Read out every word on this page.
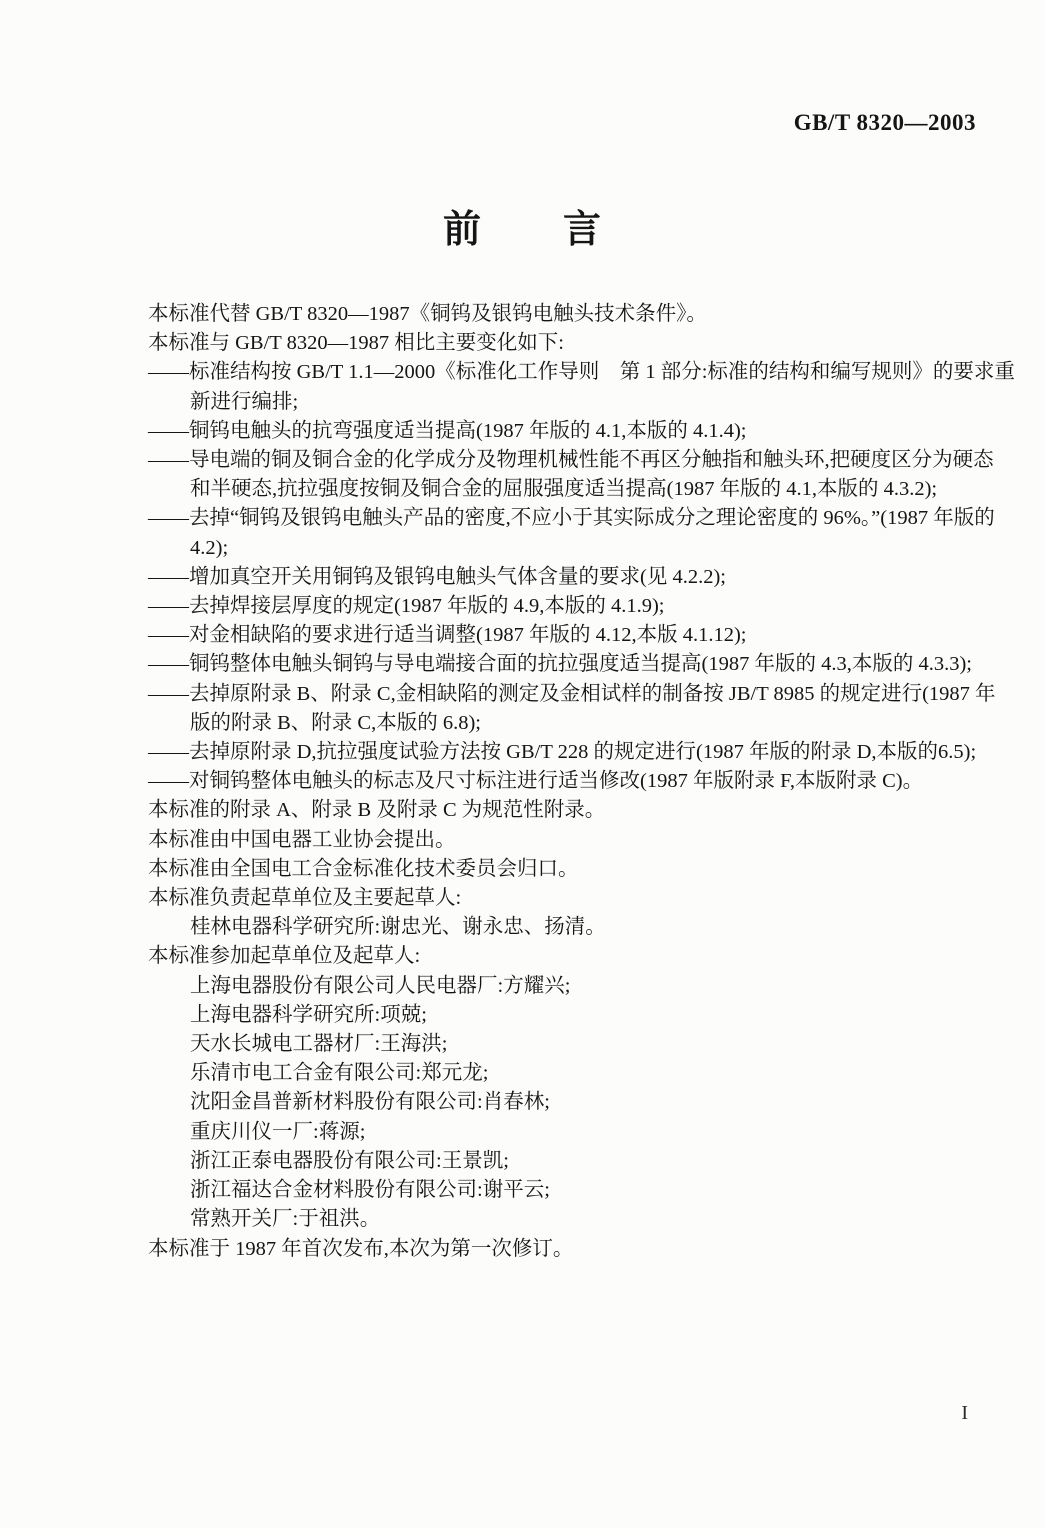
GB/T 8320—2003
前　　言
本标准代替 GB/T 8320—1987《铜钨及银钨电触头技术条件》。
本标准与 GB/T 8320—1987 相比主要变化如下:
——标准结构按 GB/T 1.1—2000《标准化工作导则　第 1 部分:标准的结构和编写规则》的要求重
新进行编排;
——铜钨电触头的抗弯强度适当提高(1987 年版的 4.1,本版的 4.1.4);
——导电端的铜及铜合金的化学成分及物理机械性能不再区分触指和触头环,把硬度区分为硬态
和半硬态,抗拉强度按铜及铜合金的屈服强度适当提高(1987 年版的 4.1,本版的 4.3.2);
——去掉“铜钨及银钨电触头产品的密度,不应小于其实际成分之理论密度的 96%。”(1987 年版的
4.2);
——增加真空开关用铜钨及银钨电触头气体含量的要求(见 4.2.2);
——去掉焊接层厚度的规定(1987 年版的 4.9,本版的 4.1.9);
——对金相缺陷的要求进行适当调整(1987 年版的 4.12,本版 4.1.12);
——铜钨整体电触头铜钨与导电端接合面的抗拉强度适当提高(1987 年版的 4.3,本版的 4.3.3);
——去掉原附录 B、附录 C,金相缺陷的测定及金相试样的制备按 JB/T 8985 的规定进行(1987 年
版的附录 B、附录 C,本版的 6.8);
——去掉原附录 D,抗拉强度试验方法按 GB/T 228 的规定进行(1987 年版的附录 D,本版的6.5);
——对铜钨整体电触头的标志及尺寸标注进行适当修改(1987 年版附录 F,本版附录 C)。
本标准的附录 A、附录 B 及附录 C 为规范性附录。
本标准由中国电器工业协会提出。
本标准由全国电工合金标准化技术委员会归口。
本标准负责起草单位及主要起草人:
桂林电器科学研究所:谢忠光、谢永忠、扬清。
本标准参加起草单位及起草人:
上海电器股份有限公司人民电器厂:方耀兴;
上海电器科学研究所:项兢;
天水长城电工器材厂:王海洪;
乐清市电工合金有限公司:郑元龙;
沈阳金昌普新材料股份有限公司:肖春林;
重庆川仪一厂:蒋源;
浙江正泰电器股份有限公司:王景凯;
浙江福达合金材料股份有限公司:谢平云;
常熟开关厂:于祖洪。
本标准于 1987 年首次发布,本次为第一次修订。
I
